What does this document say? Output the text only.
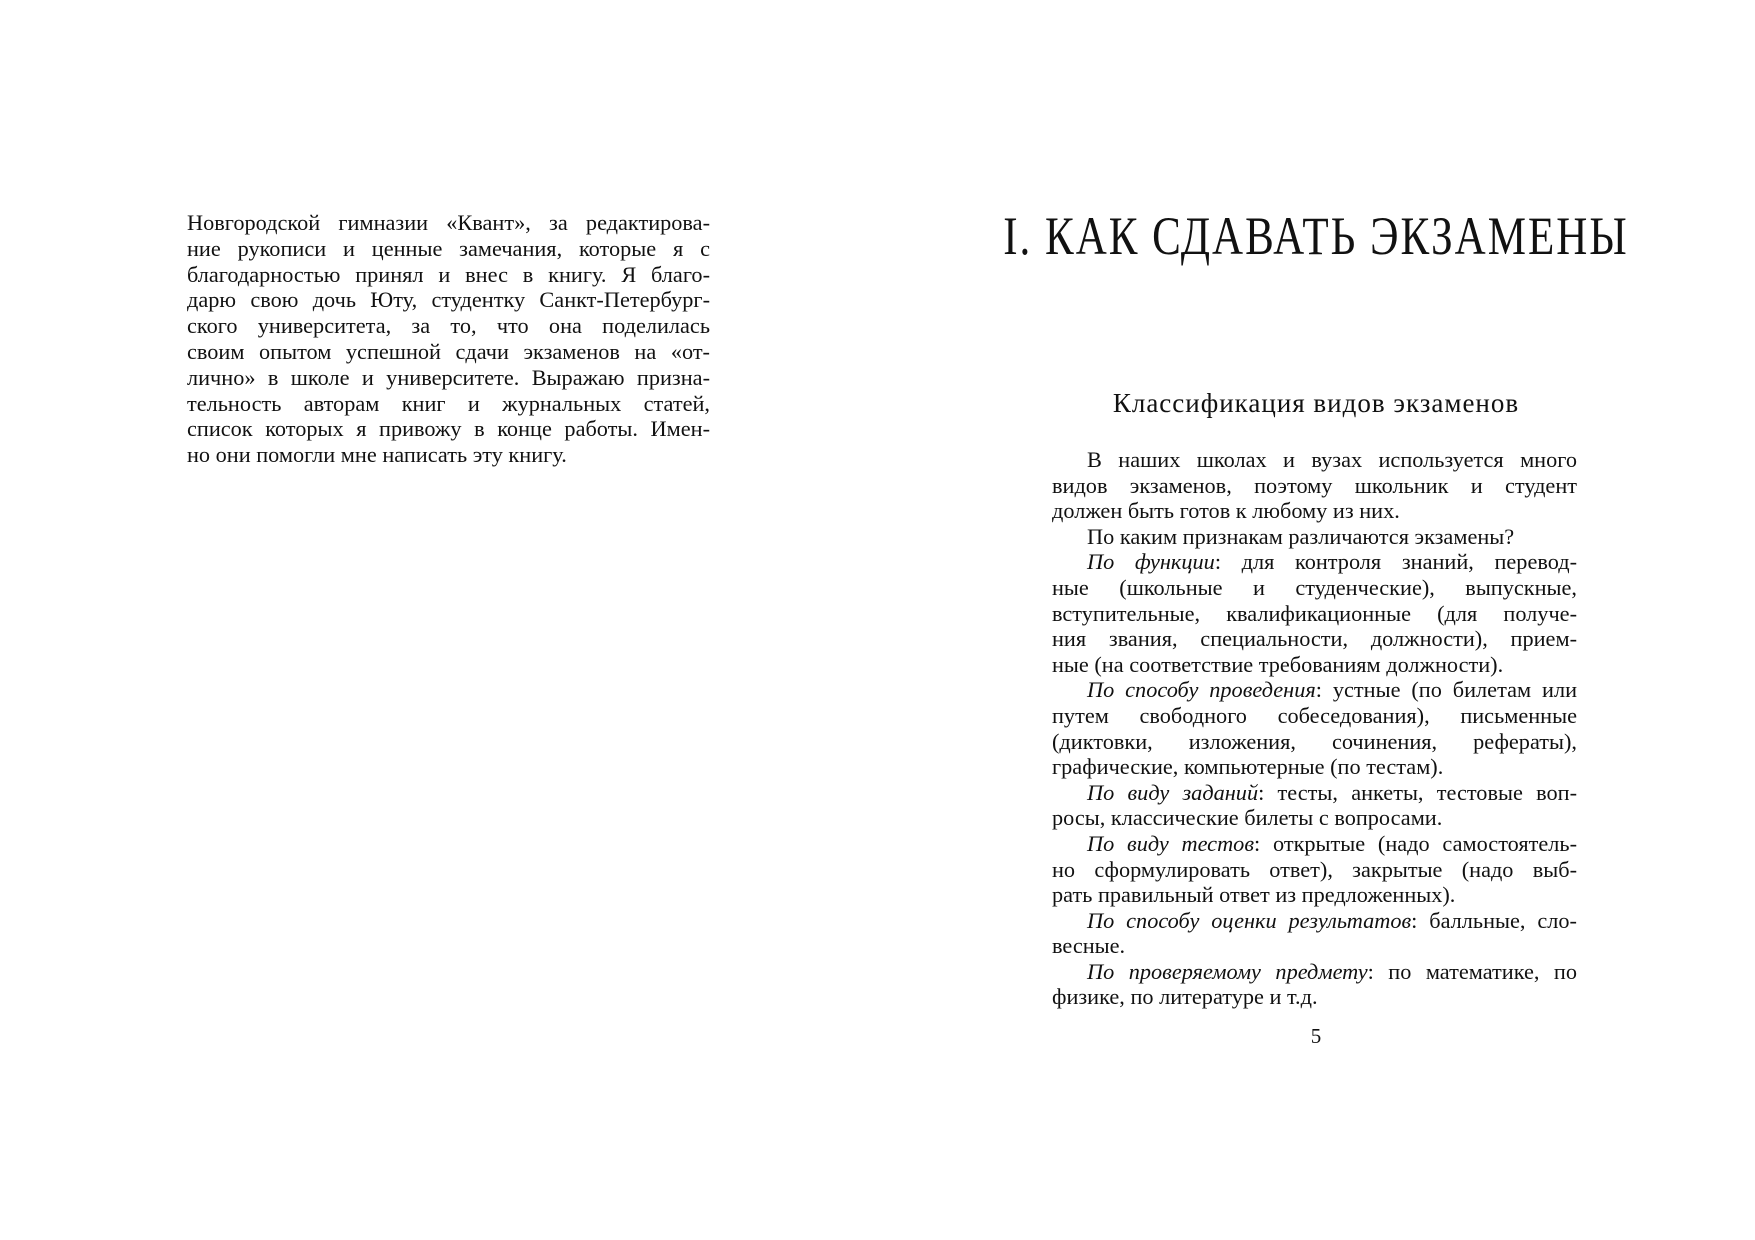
Новгородской гимназии «Квант», за редактирова-
ние рукописи и ценные замечания, которые я с
благодарностью принял и внес в книгу. Я благо-
дарю свою дочь Юту, студентку Санкт-Петербург-
ского университета, за то, что она поделилась
своим опытом успешной сдачи экзаменов на «от-
лично» в школе и университете. Выражаю призна-
тельность авторам книг и журнальных статей,
список которых я привожу в конце работы. Имен-
но они помогли мне написать эту книгу.
I. КАК СДАВАТЬ ЭКЗАМЕНЫ
Классификация видов экзаменов
В наших школах и вузах используется много
видов экзаменов, поэтому школьник и студент
должен быть готов к любому из них.
По каким признакам различаются экзамены?
По функции: для контроля знаний, перевод-
ные (школьные и студенческие), выпускные,
вступительные, квалификационные (для получе-
ния звания, специальности, должности), прием-
ные (на соответствие требованиям должности).
По способу проведения: устные (по билетам или
путем свободного собеседования), письменные
(диктовки, изложения, сочинения, рефераты),
графические, компьютерные (по тестам).
По виду заданий: тесты, анкеты, тестовые воп-
росы, классические билеты с вопросами.
По виду тестов: открытые (надо самостоятель-
но сформулировать ответ), закрытые (надо выб-
рать правильный ответ из предложенных).
По способу оценки результатов: балльные, сло-
весные.
По проверяемому предмету: по математике, по
физике, по литературе и т.д.
5
